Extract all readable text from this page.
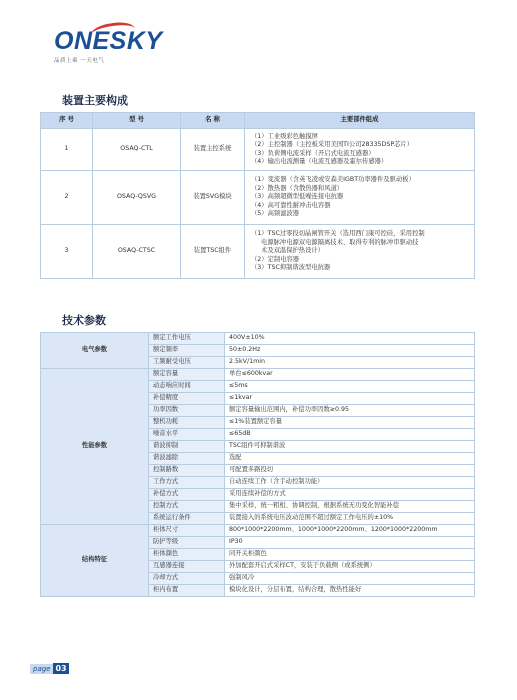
ONESKY
品质上乘 一天电气
装置主要构成
序 号	型 号	名 称	主要部件组成
1	OSAQ-CTL	装置主控系统	（1）工业级彩色触摸屏
（2）主控制器（主控板采用美国TI公司28335DSP芯片）
（3）负荷侧电流采样（开启式电流互感器）
（4）输出电流测量（电流互感器及霍尔传感器）

2	OSAQ-QSVG	装置SVG模块	（1）变流器（含英飞凌或安森美IGBT功率器件及驱动板）
（2）散热器（含散热器和风道）
（3）高频超微型低噪连接电抗器
（4）高可靠性耐冲击电容器
（5）高频滤波器

3	OSAQ-CTSC	装置TSC组件	（1）TSC过零投切晶闸管开关（选用西门康可控硅，采用控制
电源脉冲电源双电源隔离技术、取得专利的脉冲串驱动技
术及双温保护热设计）
（2）定制电容器
（3）TSC抑制谐波型电抗器
技术参数
电气参数	额定工作电压	400V±10%
	额定频率	50±0.2Hz
	工频耐受电压	2.5kV/1min
性能参数	额定容量	单台≤600kvar
	动态响应时间	≤5ms
	补偿精度	≤1kvar
	功率因数	额定容量输出范围内，补偿功率因数≥0.95
	整机功耗	≤1%装置额定容量
	噪音水平	≤65dB
	谐波抑制	TSC组件可抑制谐波
	谐波滤除	选配
	控制路数	可配置多路投切
	工作方式	自动连续工作（含手动控制功能）
	补偿方式	采用连续补偿的方式
	控制方式	集中采样，统一粗相、协调控制，根据系统无功变化智能补偿
	系统运行条件	装置接入的系统电压波动范围不超过额定工作电压的±10%
结构特征	柜体尺寸	800*1000*2200mm、1000*1000*2200mm、1200*1000*2200mm
	防护等级	IP30
	柜体颜色	同开关柜颜色
	互感器连接	外加配套开启式采样CT，安装于负载侧（或系统侧）
	冷却方式	强制风冷
	柜内布置	模块化设计，分层布置，结构合理，散热性能好
page 03
